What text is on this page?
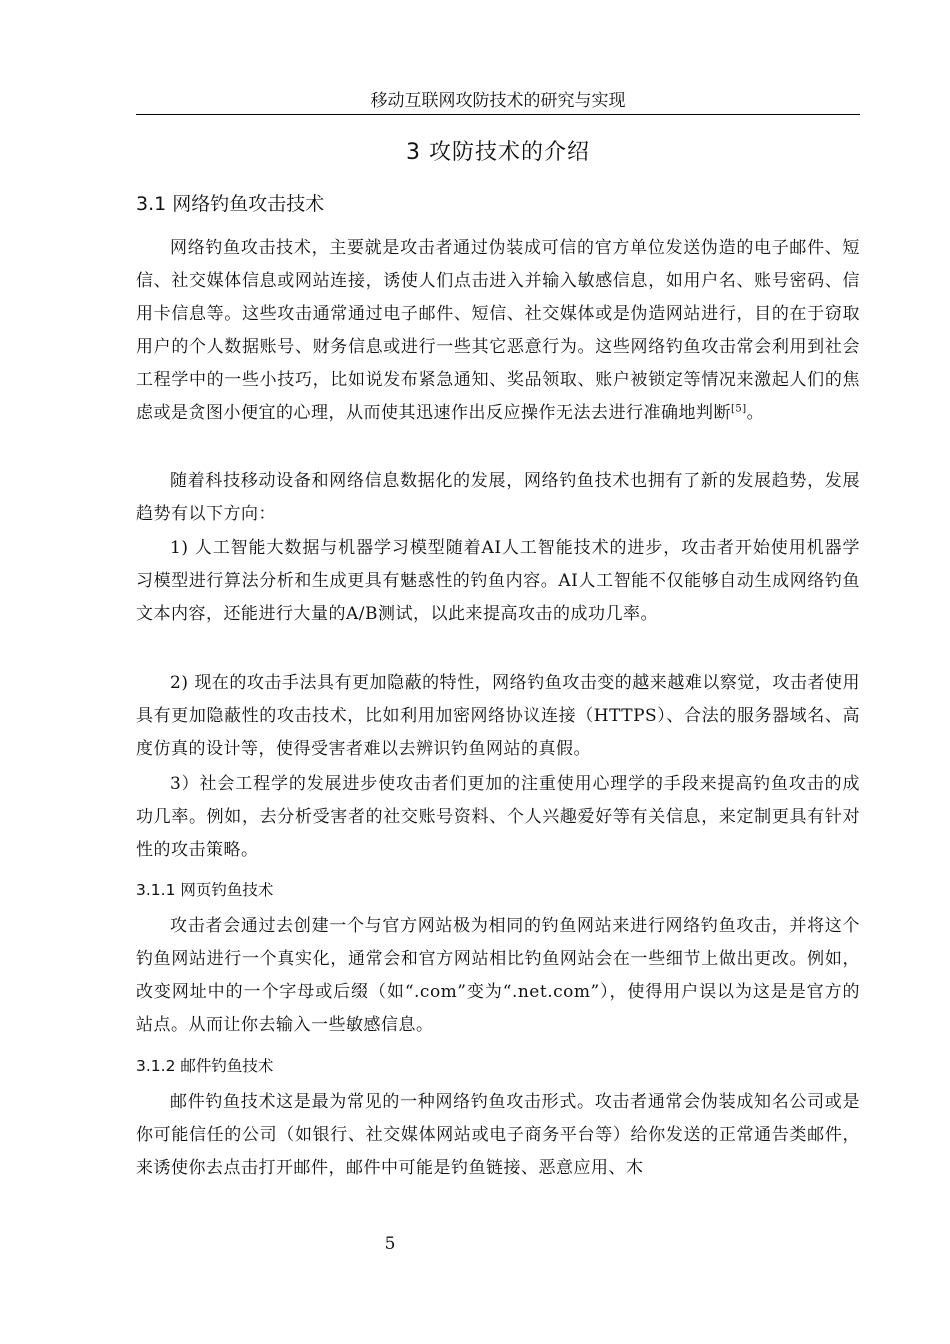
移动互联网攻防技术的研究与实现
3 攻防技术的介绍
3.1 网络钓鱼攻击技术

网络钓鱼攻击技术，主要就是攻击者通过伪装成可信的官方单位发送伪造的电子邮件、短信、社交媒体信息或网站连接，诱使人们点击进入并输入敏感信息，如用户名、账号密码、信用卡信息等。这些攻击通常通过电子邮件、短信、社交媒体或是伪造网站进行，目的在于窃取用户的个人数据账号、财务信息或进行一些其它恶意行为。这些网络钓鱼攻击常会利用到社会工程学中的一些小技巧，比如说发布紧急通知、奖品领取、账户被锁定等情况来激起人们的焦虑或是贪图小便宜的心理，从而使其迅速作出反应操作无法去进行准确地判断[5]。

随着科技移动设备和网络信息数据化的发展，网络钓鱼技术也拥有了新的发展趋势，发展趋势有以下方向：

1) 人工智能大数据与机器学习模型随着AI人工智能技术的进步，攻击者开始使用机器学习模型进行算法分析和生成更具有魅惑性的钓鱼内容。AI人工智能不仅能够自动生成网络钓鱼文本内容，还能进行大量的A/B测试，以此来提高攻击的成功几率。

2) 现在的攻击手法具有更加隐蔽的特性，网络钓鱼攻击变的越来越难以察觉，攻击者使用具有更加隐蔽性的攻击技术，比如利用加密网络协议连接（HTTPS）、合法的服务器域名、高度仿真的设计等，使得受害者难以去辨识钓鱼网站的真假。

3）社会工程学的发展进步使攻击者们更加的注重使用心理学的手段来提高钓鱼攻击的成功几率。例如，去分析受害者的社交账号资料、个人兴趣爱好等有关信息，来定制更具有针对性的攻击策略。

3.1.1 网页钓鱼技术

攻击者会通过去创建一个与官方网站极为相同的钓鱼网站来进行网络钓鱼攻击，并将这个钓鱼网站进行一个真实化，通常会和官方网站相比钓鱼网站会在一些细节上做出更改。例如，改变网址中的一个字母或后缀（如“.com”变为“.net.com”），使得用户误以为这是是官方的站点。从而让你去输入一些敏感信息。

3.1.2 邮件钓鱼技术

邮件钓鱼技术这是最为常见的一种网络钓鱼攻击形式。攻击者通常会伪装成知名公司或是你可能信任的公司（如银行、社交媒体网站或电子商务平台等）给你发送的正常通告类邮件，来诱使你去点击打开邮件，邮件中可能是钓鱼链接、恶意应用、木

5
